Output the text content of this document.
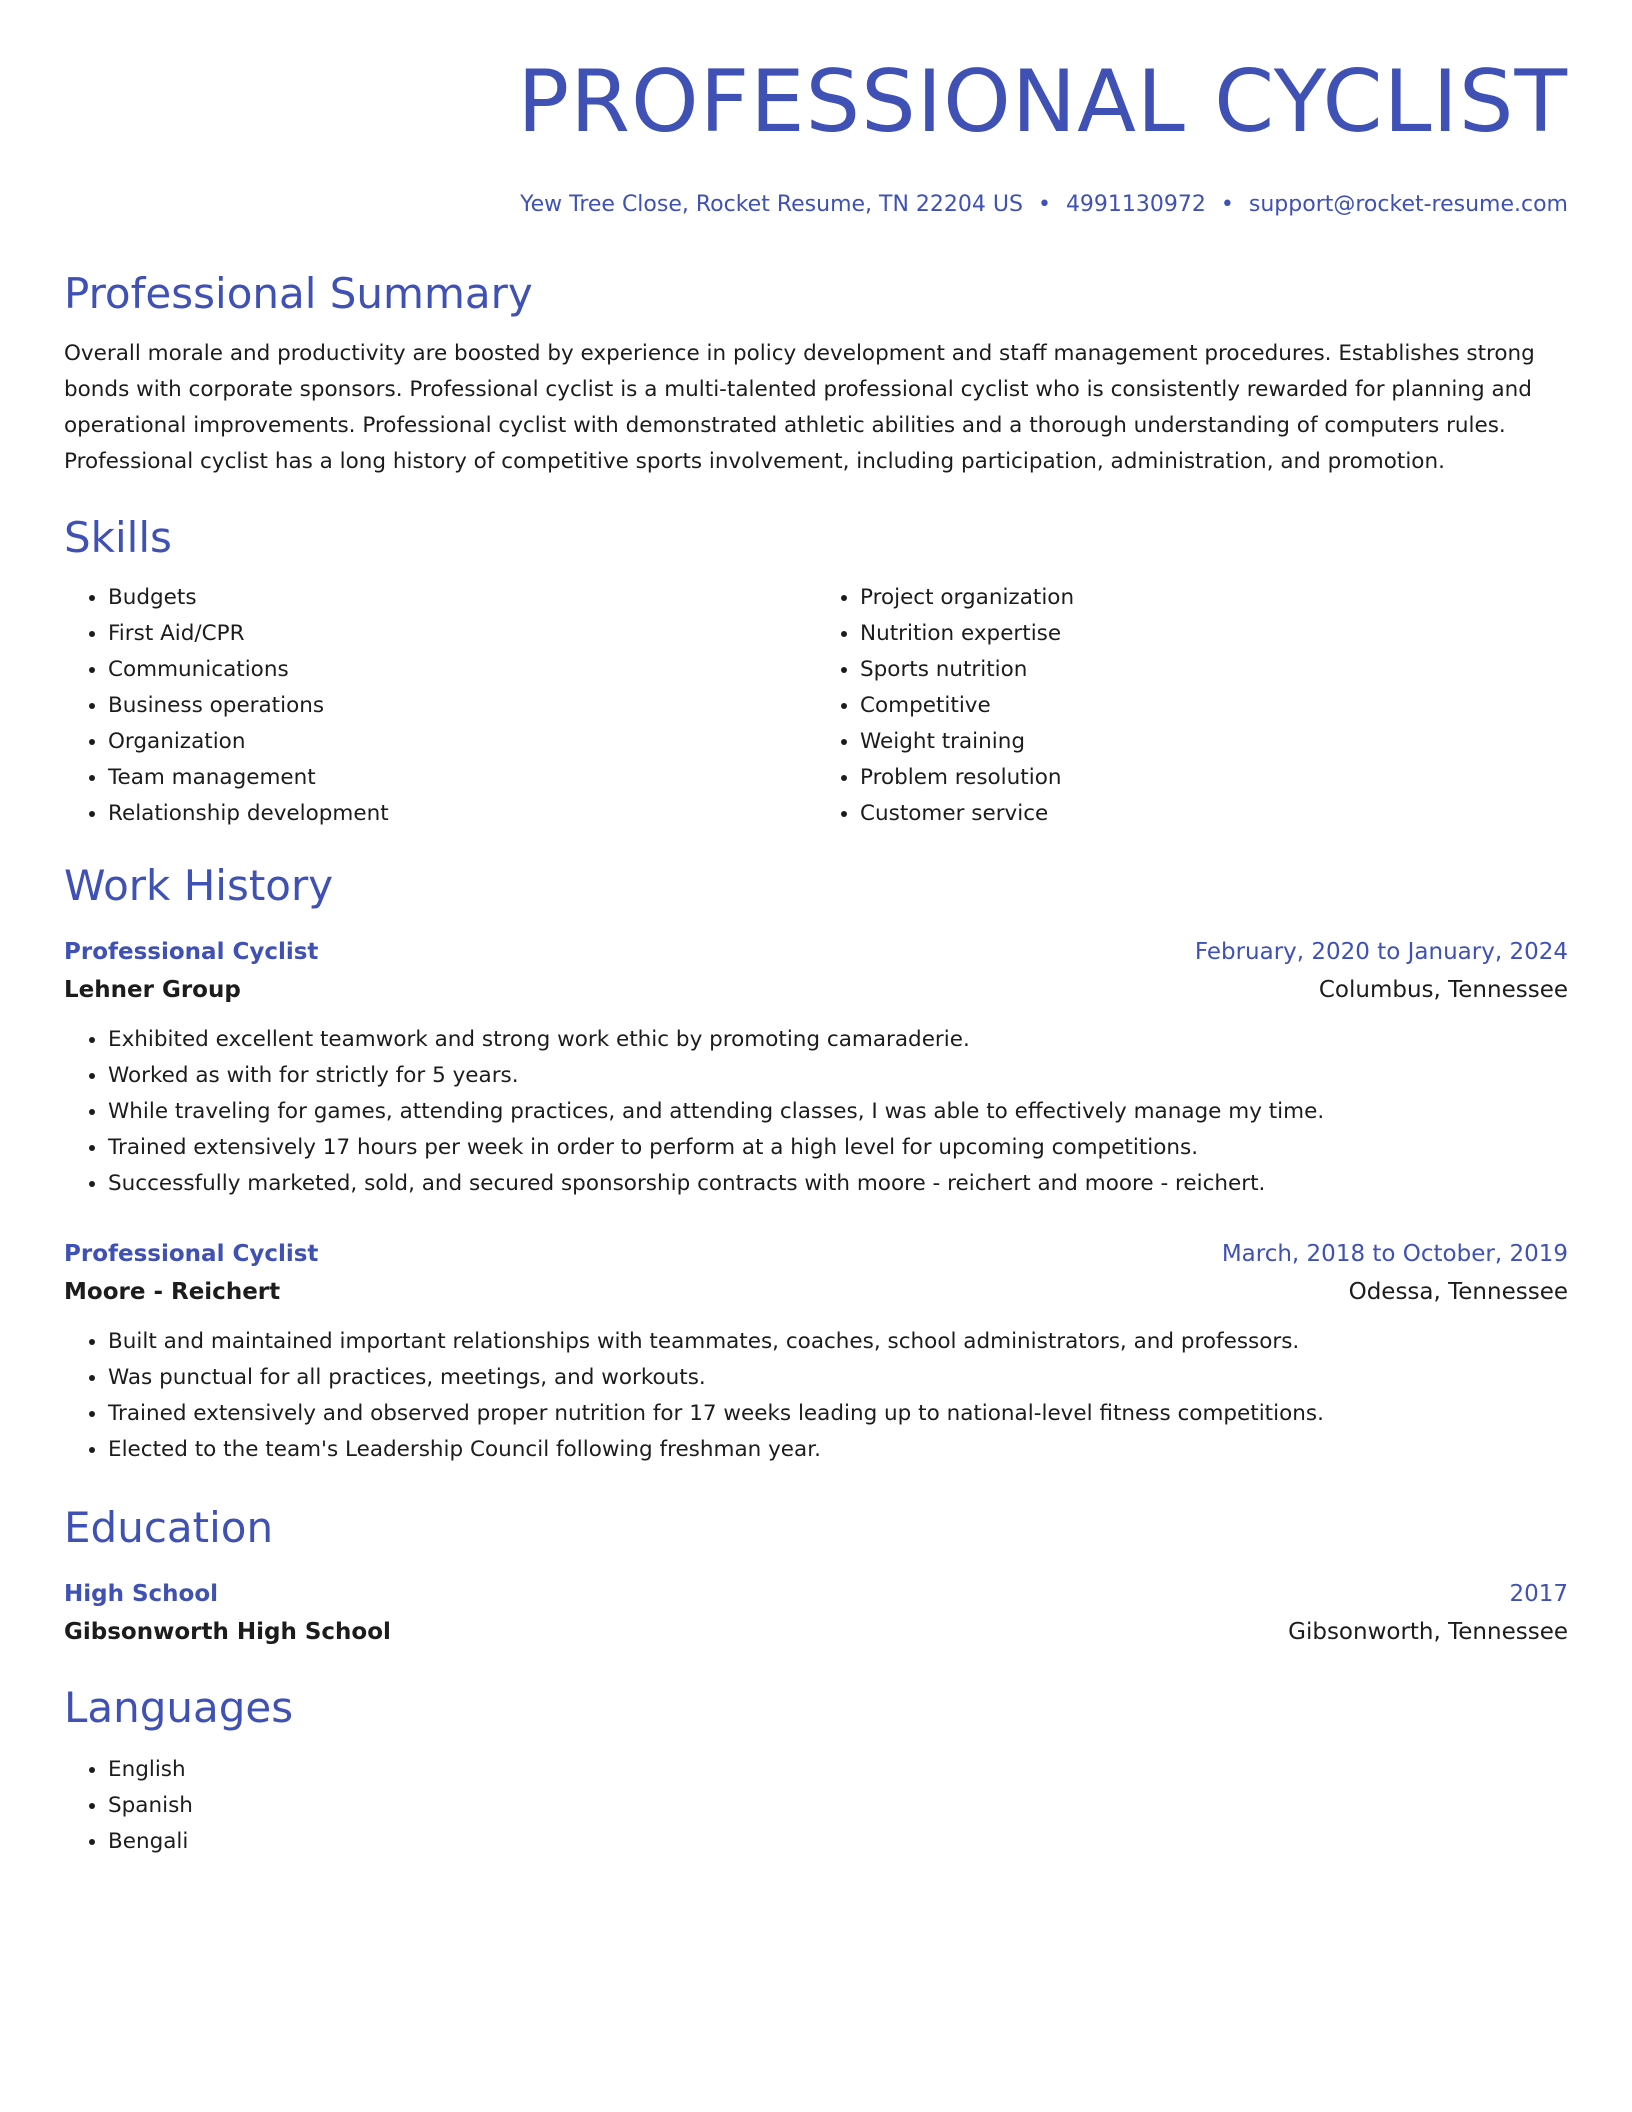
PROFESSIONAL CYCLIST
Yew Tree Close, Rocket Resume, TN 22204 US • 4991130972 • support@rocket-resume.com
Professional Summary

Overall morale and productivity are boosted by experience in policy development and staff management procedures. Establishes strong bonds with corporate sponsors. Professional cyclist is a multi-talented professional cyclist who is consistently rewarded for planning and operational improvements. Professional cyclist with demonstrated athletic abilities and a thorough understanding of computers rules. Professional cyclist has a long history of competitive sports involvement, including participation, administration, and promotion.

Skills
• Budgets
• First Aid/CPR
• Communications
• Business operations
• Organization
• Team management
• Relationship development
• Project organization
• Nutrition expertise
• Sports nutrition
• Competitive
• Weight training
• Problem resolution
• Customer service
Work History
Professional Cyclist	February, 2020 to January, 2024
Lehner Group	Columbus, Tennessee
• Exhibited excellent teamwork and strong work ethic by promoting camaraderie.
• Worked as with for strictly for 5 years.
• While traveling for games, attending practices, and attending classes, I was able to effectively manage my time.
• Trained extensively 17 hours per week in order to perform at a high level for upcoming competitions.
• Successfully marketed, sold, and secured sponsorship contracts with moore - reichert and moore - reichert.
Professional Cyclist	March, 2018 to October, 2019
Moore - Reichert	Odessa, Tennessee
• Built and maintained important relationships with teammates, coaches, school administrators, and professors.
• Was punctual for all practices, meetings, and workouts.
• Trained extensively and observed proper nutrition for 17 weeks leading up to national-level fitness competitions.
• Elected to the team's Leadership Council following freshman year.
Education
High School	2017
Gibsonworth High School	Gibsonworth, Tennessee
Languages
• English
• Spanish
• Bengali
